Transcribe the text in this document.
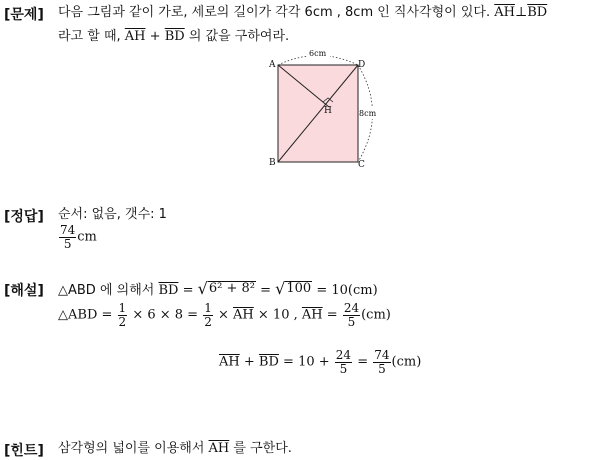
[문제] 다음 그림과 같이 가로, 세로의 길이가 각각 6cm , 8cm 인 직사각형이 있다. $\overline{AH}\perp\overline{BD}$
라고 할 때, $\overline{AH} + \overline{BD}$ 의 값을 구하여라.
6cm
8cm
A	D
B	C
H
[정답] 순서: 없음, 갯수: 1
$\frac{74}{5}$ cm
[해설] △ABD 에 의해서 $\overline{BD}$ = √ 6² + 8² = √ 100 = 10(cm)
△ABD = $\frac{1}{2} \times 6 \times 8 = \frac{1}{2} \times \overline{AH} \times 10$ , $\overline{AH} = \frac{24}{5} (cm)$
$\overline{AH} + \overline{BD} = 10 + \frac{24}{5} = \frac{74}{5} (cm)$
[힌트] 삼각형의 넓이를 이용해서 $\overline{AH}$ 를 구한다.
